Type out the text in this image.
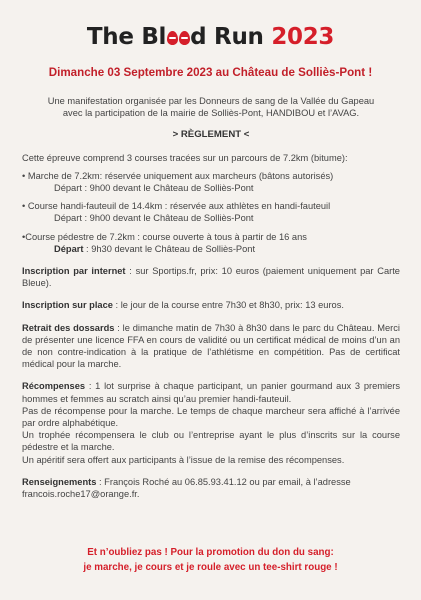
The Bl d Run 2023
Dimanche 03 Septembre 2023 au Château de Solliès-Pont !

Une manifestation organisée par les Donneurs de sang de la Vallée du Gapeau

avec la participation de la mairie de Solliès-Pont, HANDIBOU et l’AVAG.

> RÈGLEMENT <

Cette épreuve comprend 3 courses tracées sur un parcours de 7.2km (bitume):

• Marche de 7.2km: réservée uniquement aux marcheurs (bâtons autorisés)

Départ : 9h00 devant le Château de Solliès-Pont

• Course handi-fauteuil de 14.4km : réservée aux athlètes en handi-fauteuil

Départ : 9h00 devant le Château de Solliès-Pont

•Course pédestre de 7.2km : course ouverte à tous à partir de 16 ans

Départ : 9h30 devant le Château de Solliès-Pont

Inscription par internet : sur Sportips.fr, prix: 10 euros (paiement uniquement par Carte Bleue).

Inscription sur place : le jour de la course entre 7h30 et 8h30, prix: 13 euros.

Retrait des dossards : le dimanche matin de 7h30 à 8h30 dans le parc du Château. Merci de présenter une licence FFA en cours de validité ou un certificat médical de moins d’un an de non contre-indication à la pratique de l’athlétisme en compétition. Pas de certificat médical pour la marche.

Récompenses : 1 lot surprise à chaque participant, un panier gourmand aux 3 premiers hommes et femmes au scratch ainsi qu’au premier handi-fauteuil.

Pas de récompense pour la marche. Le temps de chaque marcheur sera affiché à l’arrivée par ordre alphabétique.

Un trophée récompensera le club ou l’entreprise ayant le plus d’inscrits sur la course pédestre et la marche.

Un apéritif sera offert aux participants à l’issue de la remise des récompenses.

Renseignements : François Roché au 06.85.93.41.12 ou par email, à l’adresse francois.roche17@orange.fr.

Et n’oubliez pas ! Pour la promotion du don du sang:
je marche, je cours et je roule avec un tee-shirt rouge !
